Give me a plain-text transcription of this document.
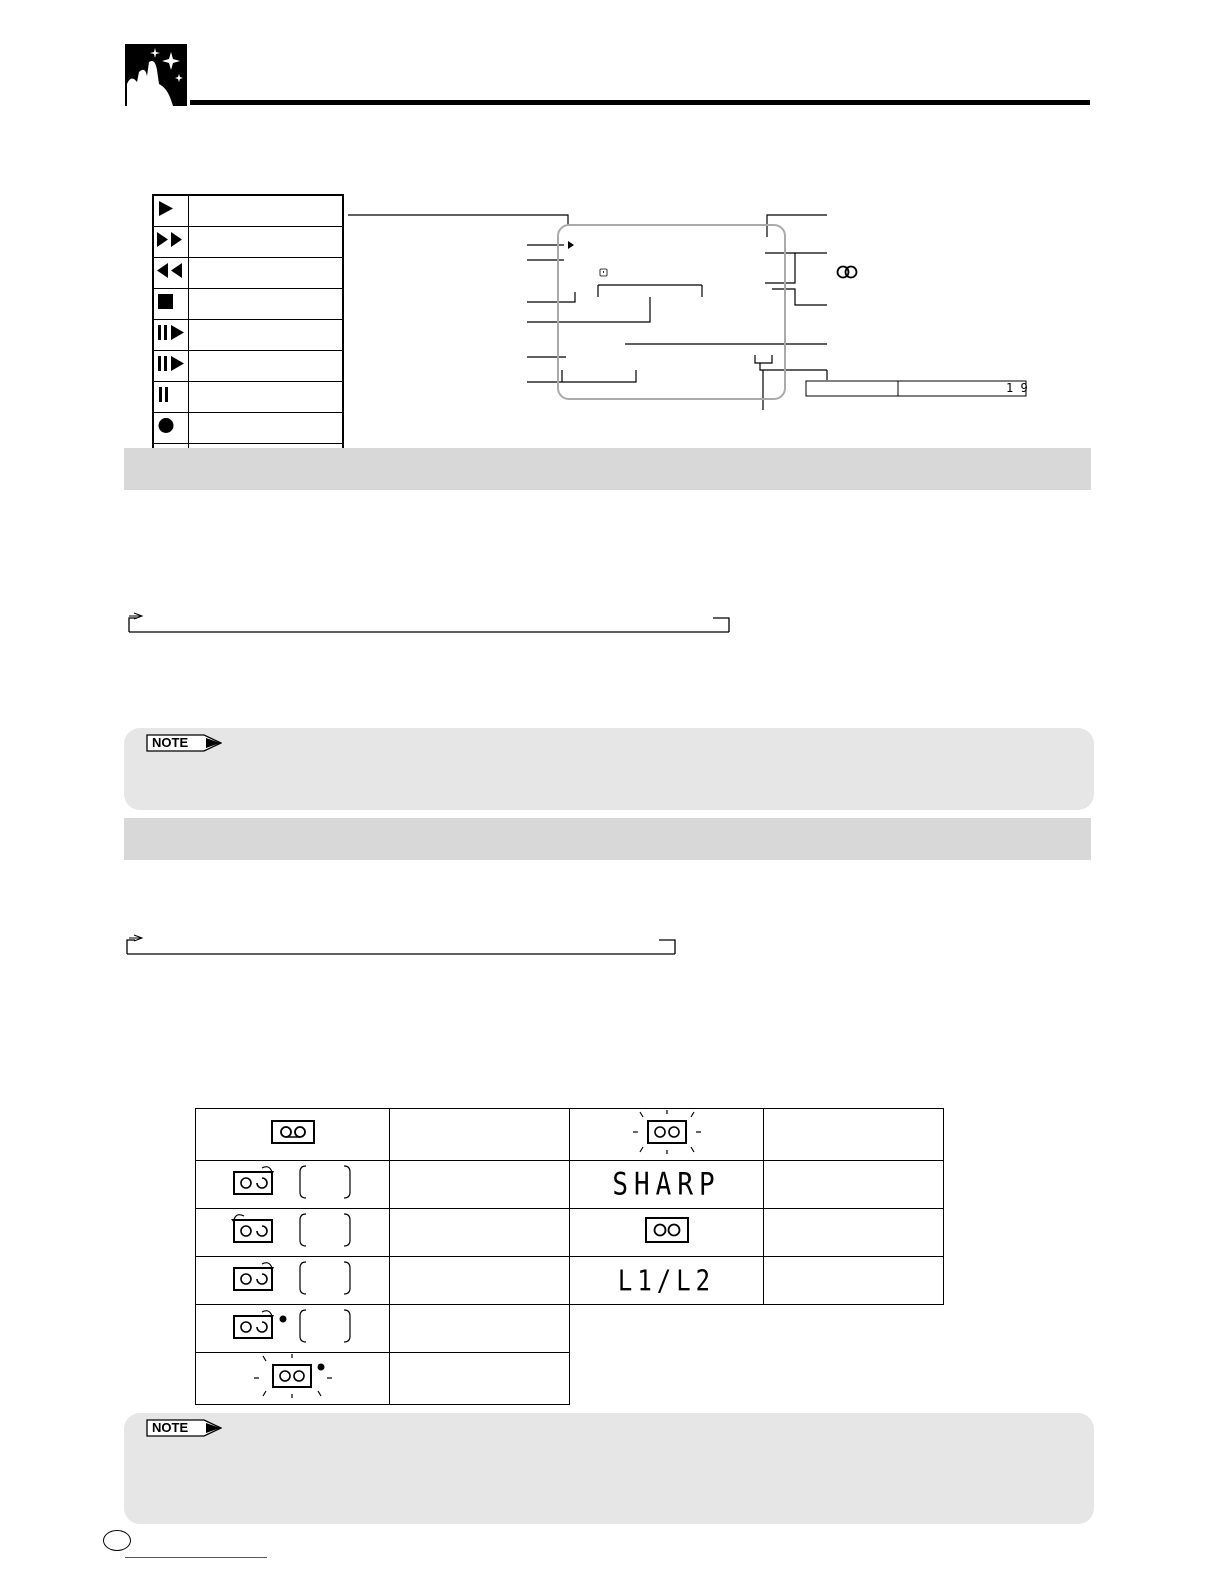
1 9
NOTE

		SHARP	

		L1/L2	

NOTE
